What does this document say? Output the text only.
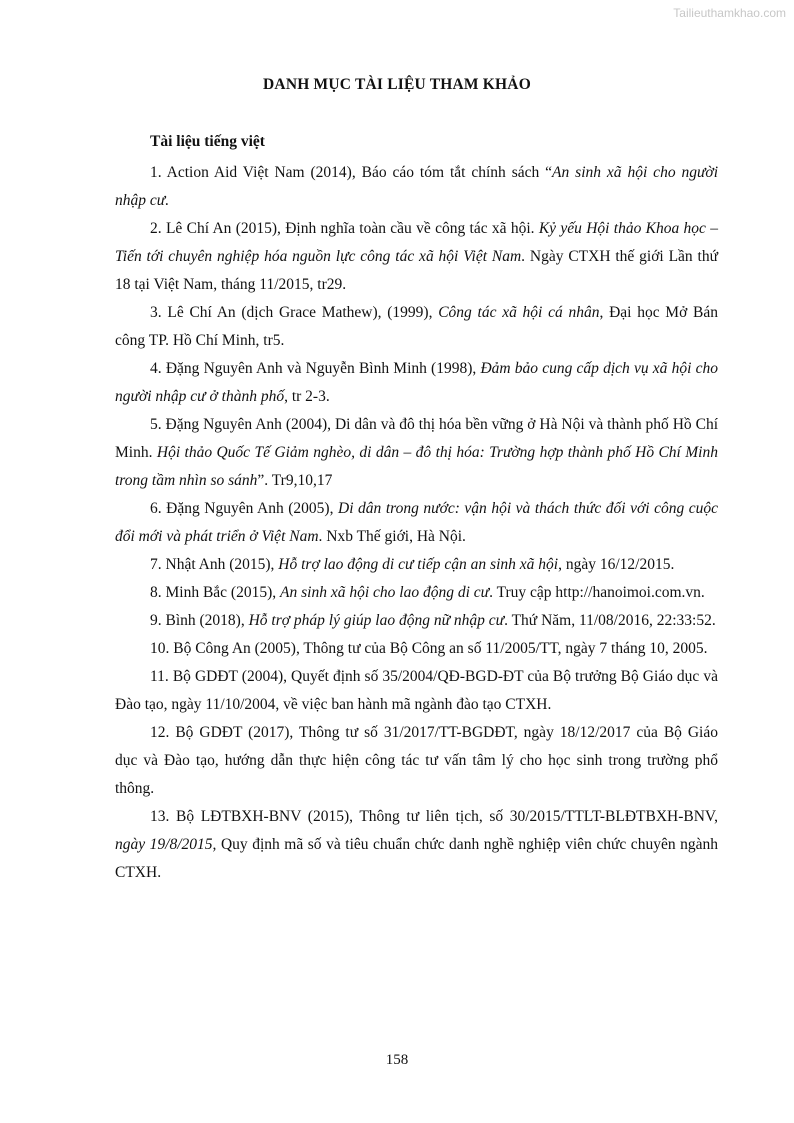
Tailieuthamkhao.com
DANH MỤC TÀI LIỆU THAM KHẢO
Tài liệu tiếng việt

1. Action Aid Việt Nam (2014), Báo cáo tóm tắt chính sách “An sinh xã hội cho người nhập cư.

2. Lê Chí An (2015), Định nghĩa toàn cầu về công tác xã hội. Kỷ yếu Hội thảo Khoa học – Tiến tới chuyên nghiệp hóa nguồn lực công tác xã hội Việt Nam. Ngày CTXH thế giới Lần thứ 18 tại Việt Nam, tháng 11/2015, tr29.

3. Lê Chí An (dịch Grace Mathew), (1999), Công tác xã hội cá nhân, Đại học Mở Bán công TP. Hồ Chí Minh, tr5.

4. Đặng Nguyên Anh và Nguyễn Bình Minh (1998), Đảm bảo cung cấp dịch vụ xã hội cho người nhập cư ở thành phố, tr 2-3.

5. Đặng Nguyên Anh (2004), Di dân và đô thị hóa bền vững ở Hà Nội và thành phố Hồ Chí Minh. Hội thảo Quốc Tế Giảm nghèo, di dân – đô thị hóa: Trường hợp thành phố Hồ Chí Minh trong tầm nhìn so sánh”. Tr9,10,17

6. Đặng Nguyên Anh (2005), Di dân trong nước: vận hội và thách thức đối với công cuộc đổi mới và phát triển ở Việt Nam. Nxb Thế giới, Hà Nội.

7. Nhật Anh (2015), Hỗ trợ lao động di cư tiếp cận an sinh xã hội, ngày 16/12/2015.

8. Minh Bắc (2015), An sinh xã hội cho lao động di cư. Truy cập http://hanoimoi.com.vn.

9. Bình (2018), Hỗ trợ pháp lý giúp lao động nữ nhập cư. Thứ Năm, 11/08/2016, 22:33:52.

10. Bộ Công An (2005), Thông tư của Bộ Công an số 11/2005/TT, ngày 7 tháng 10, 2005.

11. Bộ GDĐT (2004), Quyết định số 35/2004/QĐ-BGD-ĐT của Bộ trưởng Bộ Giáo dục và Đào tạo, ngày 11/10/2004, về việc ban hành mã ngành đào tạo CTXH.

12. Bộ GDĐT (2017), Thông tư số 31/2017/TT-BGDĐT, ngày 18/12/2017 của Bộ Giáo dục và Đào tạo, hướng dẫn thực hiện công tác tư vấn tâm lý cho học sinh trong trường phổ thông.

13. Bộ LĐTBXH-BNV (2015), Thông tư liên tịch, số 30/2015/TTLT-BLĐTBXH-BNV, ngày 19/8/2015, Quy định mã số và tiêu chuẩn chức danh nghề nghiệp viên chức chuyên ngành CTXH.

158
